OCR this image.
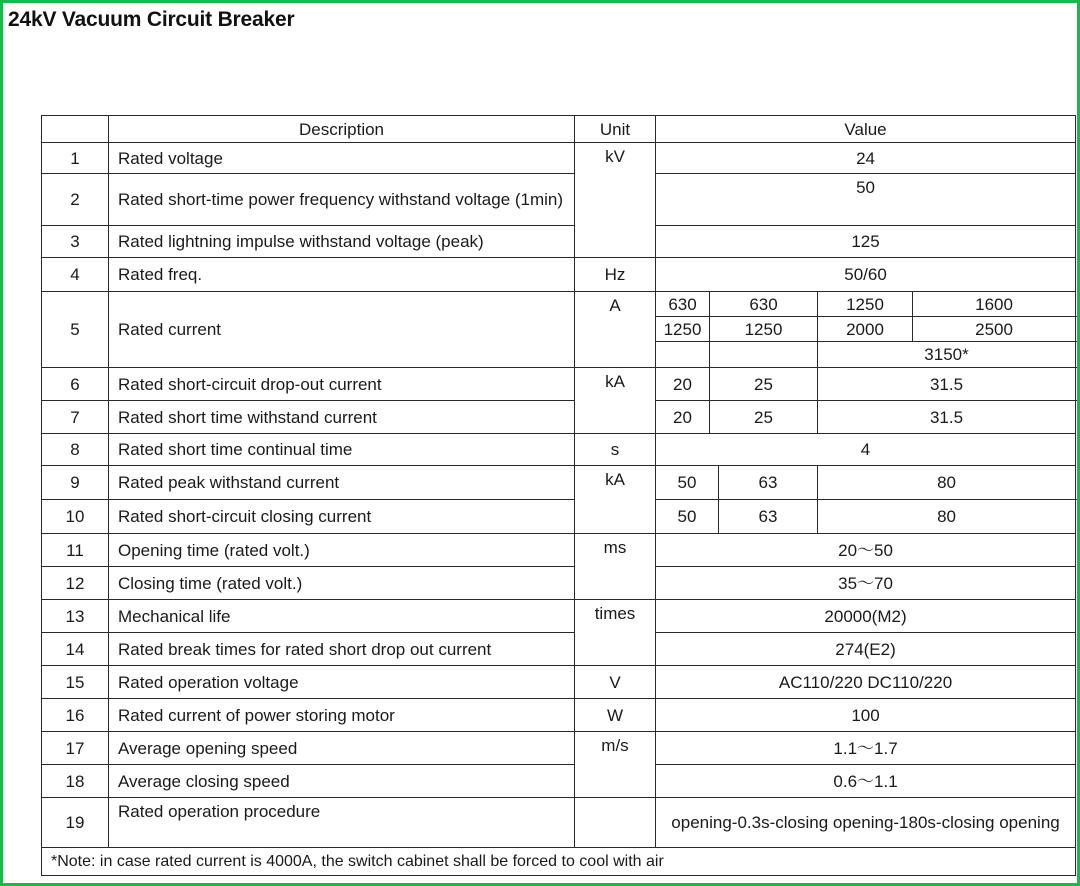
24kV Vacuum Circuit Breaker
	Description	Unit	Value				
1	Rated voltage	kV	24				
2	Rated short-time power frequency withstand voltage (1min)		50				
3	Rated lightning impulse withstand voltage (peak)		125				
4	Rated freq.	Hz	50/60				
5	Rated current	A	630	630		1250	1600
			1250	1250		2000	2500
						3150*	
6	Rated short-circuit drop-out current	kA	20	25		31.5	
7	Rated short time withstand current		20	25		31.5	
8	Rated short time continual time	s	4				
9	Rated peak withstand current	kA	50		63	80	
10	Rated short-circuit closing current		50		63	80	
11	Opening time (rated volt.)	ms	20～50				
12	Closing time (rated volt.)		35～70				
13	Mechanical life	times	20000(M2)				
14	Rated break times for rated short drop out current		274(E2)				
15	Rated operation voltage	V	AC110/220 DC110/220				
16	Rated current of power storing motor	W	100				
17	Average opening speed	m/s	1.1～1.7				
18	Average closing speed		0.6～1.1				
19	Rated operation procedure		opening-0.3s-closing opening-180s-closing opening				
*Note: in case rated current is 4000A, the switch cabinet shall be forced to cool with air							
